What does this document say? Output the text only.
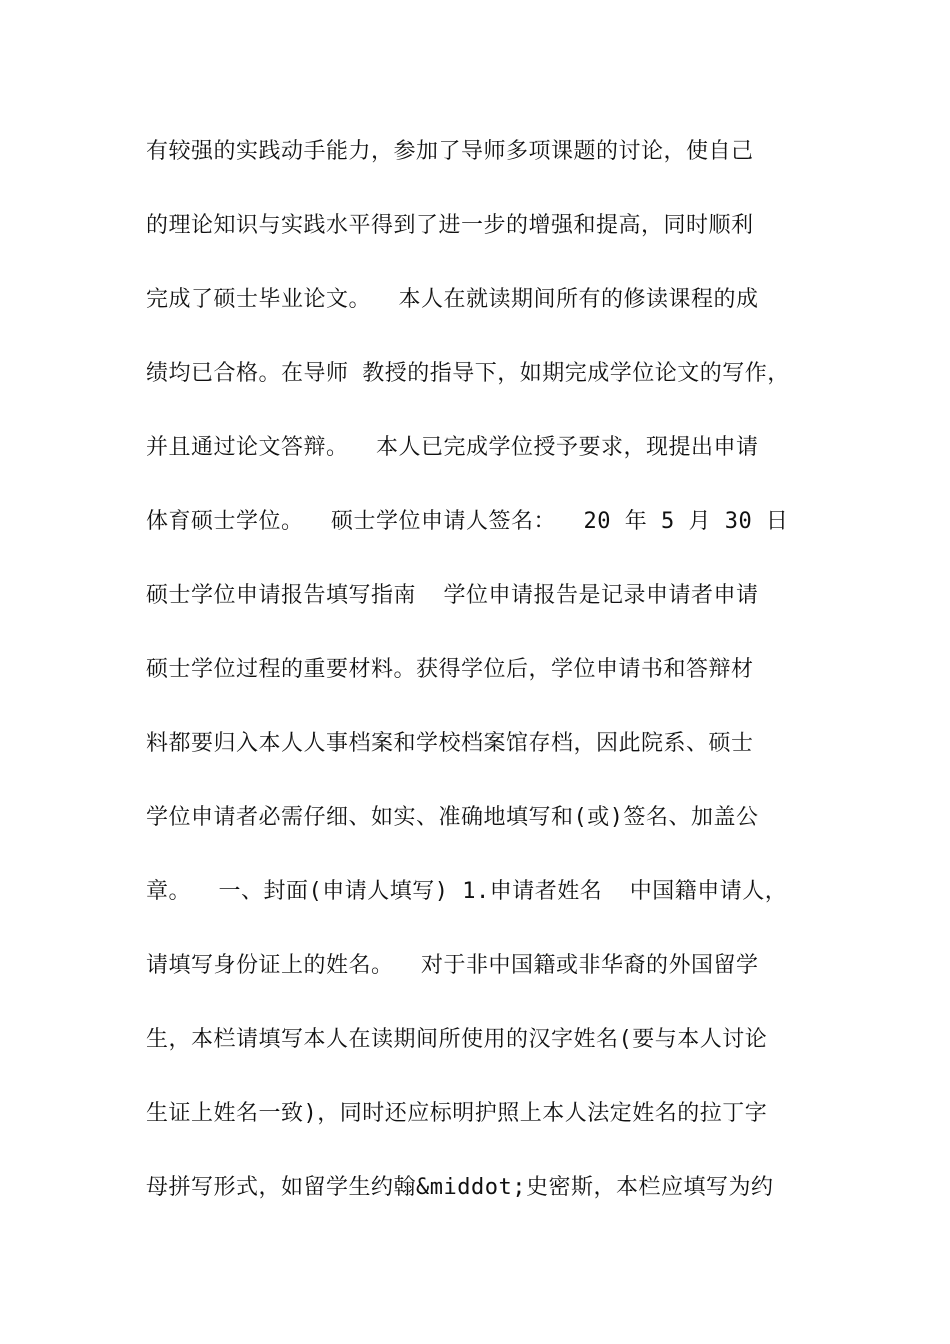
有较强的实践动手能力，参加了导师多项课题的讨论，使自己
的理论知识与实践水平得到了进一步的增强和提高，同时顺利
完成了硕士毕业论文。  本人在就读期间所有的修读课程的成
绩均已合格。在导师 教授的指导下，如期完成学位论文的写作，
并且通过论文答辩。  本人已完成学位授予要求，现提出申请
体育硕士学位。  硕士学位申请人签名：  20 年 5 月 30 日
硕士学位申请报告填写指南  学位申请报告是记录申请者申请
硕士学位过程的重要材料。获得学位后，学位申请书和答辩材
料都要归入本人人事档案和学校档案馆存档，因此院系、硕士
学位申请者必需仔细、如实、准确地填写和(或)签名、加盖公
章。  一、封面(申请人填写) 1.申请者姓名  中国籍申请人，
请填写身份证上的姓名。  对于非中国籍或非华裔的外国留学
生，本栏请填写本人在读期间所使用的汉字姓名(要与本人讨论
生证上姓名一致)，同时还应标明护照上本人法定姓名的拉丁字
母拼写形式，如留学生约翰&middot;史密斯，本栏应填写为约
